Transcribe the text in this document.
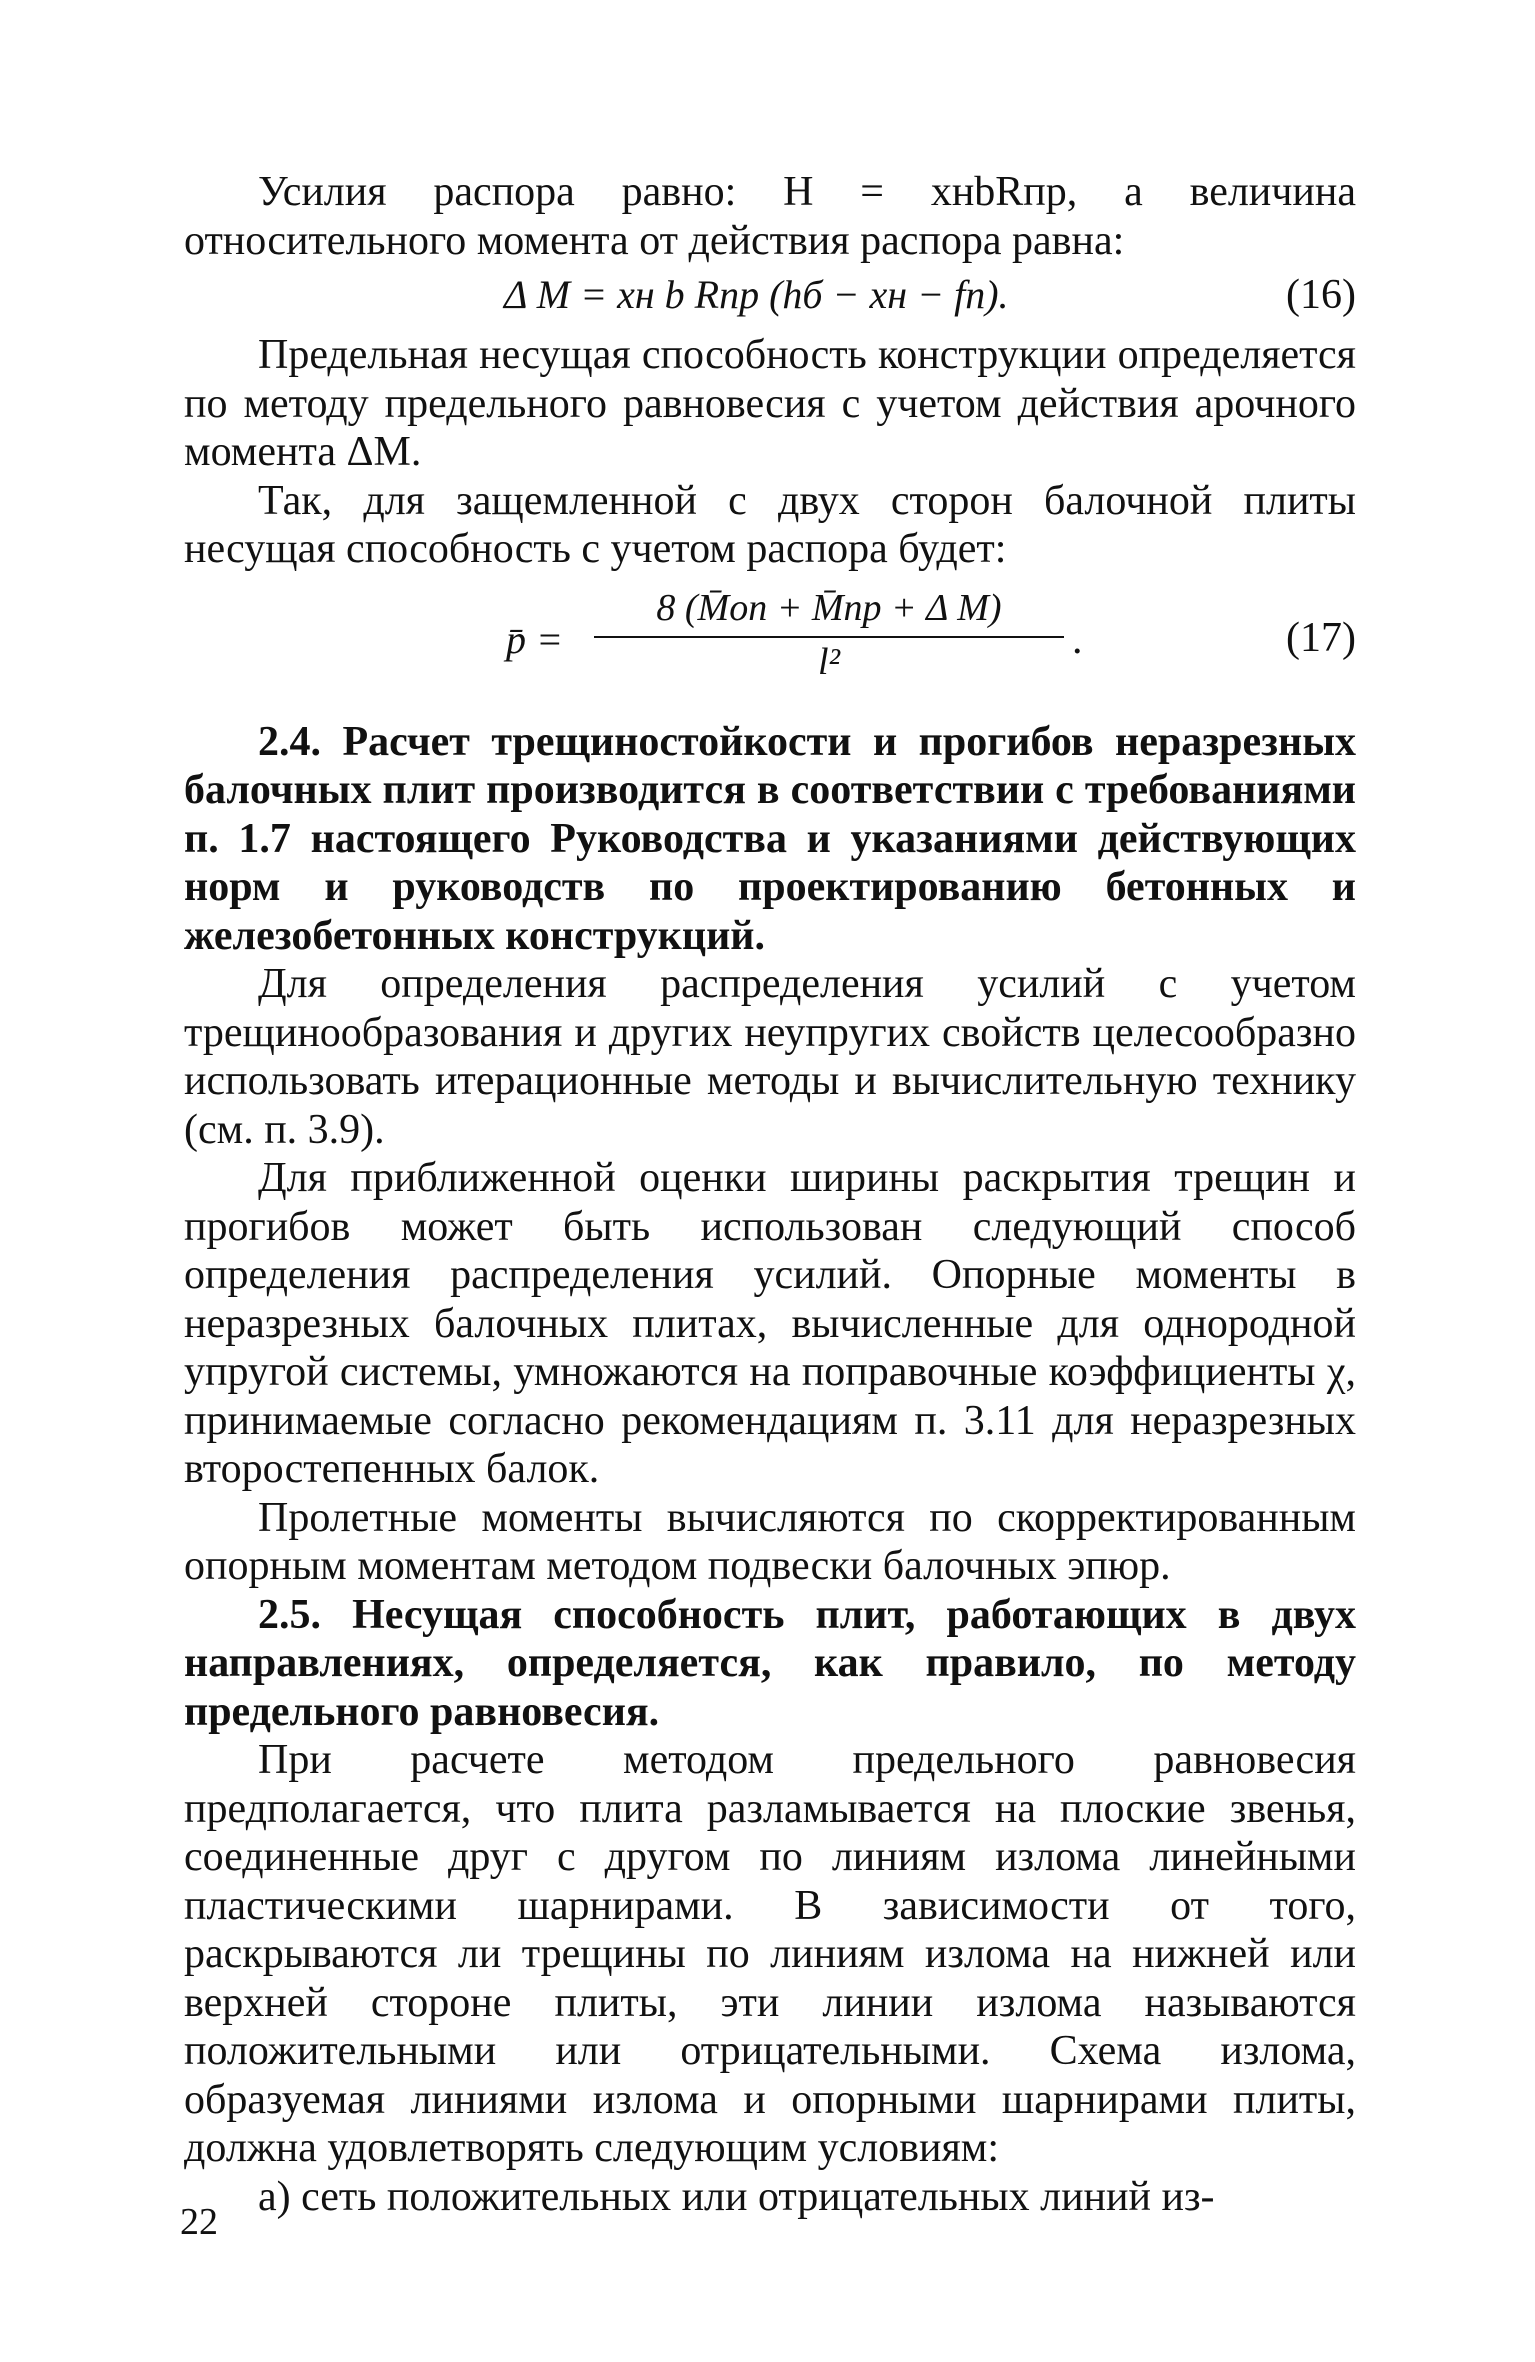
Усилия распора равно: H = xнbRпр, а величина относительного момента от действия распора равна:

Δ M = xн b Rпр (hб − xн − fп).	(16)

Предельная несущая способность конструкции определяется по методу предельного равновесия с учетом действия арочного момента ΔM.

Так, для защемленной с двух сторон балочной плиты несущая способность с учетом распора будет:

p̄ =
8 (M̄оп + M̄пр + Δ M)
l²	.	(17)

2.4. Расчет трещиностойкости и прогибов неразрезных балочных плит производится в соответствии с требованиями п. 1.7 настоящего Руководства и указаниями действующих норм и руководств по проектированию бетонных и железобетонных конструкций.

Для определения распределения усилий с учетом трещинообразования и других неупругих свойств целесообразно использовать итерационные методы и вычислительную технику (см. п. 3.9).

Для приближенной оценки ширины раскрытия трещин и прогибов может быть использован следующий способ определения распределения усилий. Опорные моменты в неразрезных балочных плитах, вычисленные для однородной упругой системы, умножаются на поправочные коэффициенты χ, принимаемые согласно рекомендациям п. 3.11 для неразрезных второстепенных балок.

Пролетные моменты вычисляются по скорректированным опорным моментам методом подвески балочных эпюр.

2.5. Несущая способность плит, работающих в двух направлениях, определяется, как правило, по методу предельного равновесия.

При расчете методом предельного равновесия предполагается, что плита разламывается на плоские звенья, соединенные друг с другом по линиям излома линейными пластическими шарнирами. В зависимости от того, раскрываются ли трещины по линиям излома на нижней или верхней стороне плиты, эти линии излома называются положительными или отрицательными. Схема излома, образуемая линиями излома и опорными шарнирами плиты, должна удовлетворять следующим условиям:

а) сеть положительных или отрицательных линий из-

22
